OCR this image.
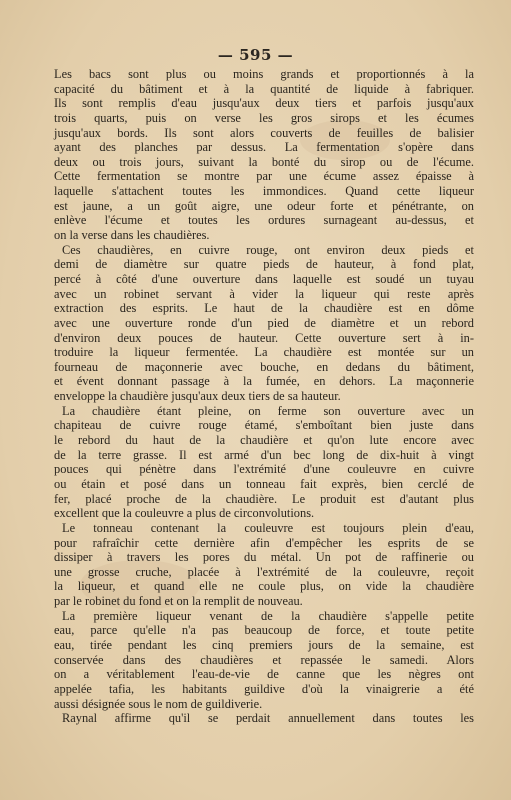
— 595 —
Les bacs sont plus ou moins grands et proportionnés à la
capacité du bâtiment et à la quantité de liquide à fabriquer.
Ils sont remplis d'eau jusqu'aux deux tiers et parfois jusqu'aux
trois quarts, puis on verse les gros sirops et les écumes
jusqu'aux bords. Ils sont alors couverts de feuilles de balisier
ayant des planches par dessus. La fermentation s'opère dans
deux ou trois jours, suivant la bonté du sirop ou de l'écume.
Cette fermentation se montre par une écume assez épaisse à
laquelle s'attachent toutes les immondices. Quand cette liqueur
est jaune, a un goût aigre, une odeur forte et pénétrante, on
enlève l'écume et toutes les ordures surnageant au-dessus, et
on la verse dans les chaudières.
Ces chaudières, en cuivre rouge, ont environ deux pieds et
demi de diamètre sur quatre pieds de hauteur, à fond plat,
percé à côté d'une ouverture dans laquelle est soudé un tuyau
avec un robinet servant à vider la liqueur qui reste après
extraction des esprits. Le haut de la chaudière est en dôme
avec une ouverture ronde d'un pied de diamètre et un rebord
d'environ deux pouces de hauteur. Cette ouverture sert à in-
troduire la liqueur fermentée. La chaudière est montée sur un
fourneau de maçonnerie avec bouche, en dedans du bâtiment,
et évent donnant passage à la fumée, en dehors. La maçonnerie
enveloppe la chaudière jusqu'aux deux tiers de sa hauteur.
La chaudière étant pleine, on ferme son ouverture avec un
chapiteau de cuivre rouge étamé, s'emboîtant bien juste dans
le rebord du haut de la chaudière et qu'on lute encore avec
de la terre grasse. Il est armé d'un bec long de dix-huit à vingt
pouces qui pénètre dans l'extrémité d'une couleuvre en cuivre
ou étain et posé dans un tonneau fait exprès, bien cerclé de
fer, placé proche de la chaudière. Le produit est d'autant plus
excellent que la couleuvre a plus de circonvolutions.
Le tonneau contenant la couleuvre est toujours plein d'eau,
pour rafraîchir cette dernière afin d'empêcher les esprits de se
dissiper à travers les pores du métal. Un pot de raffinerie ou
une grosse cruche, placée à l'extrémité de la couleuvre, reçoit
la liqueur, et quand elle ne coule plus, on vide la chaudière
par le robinet du fond et on la remplit de nouveau.
La première liqueur venant de la chaudière s'appelle petite
eau, parce qu'elle n'a pas beaucoup de force, et toute petite
eau, tirée pendant les cinq premiers jours de la semaine, est
conservée dans des chaudières et repassée le samedi. Alors
on a véritablement l'eau-de-vie de canne que les nègres ont
appelée tafia, les habitants guildive d'où la vinaigrerie a été
aussi désignée sous le nom de guildiverie.
Raynal affirme qu'il se perdait annuellement dans toutes les
